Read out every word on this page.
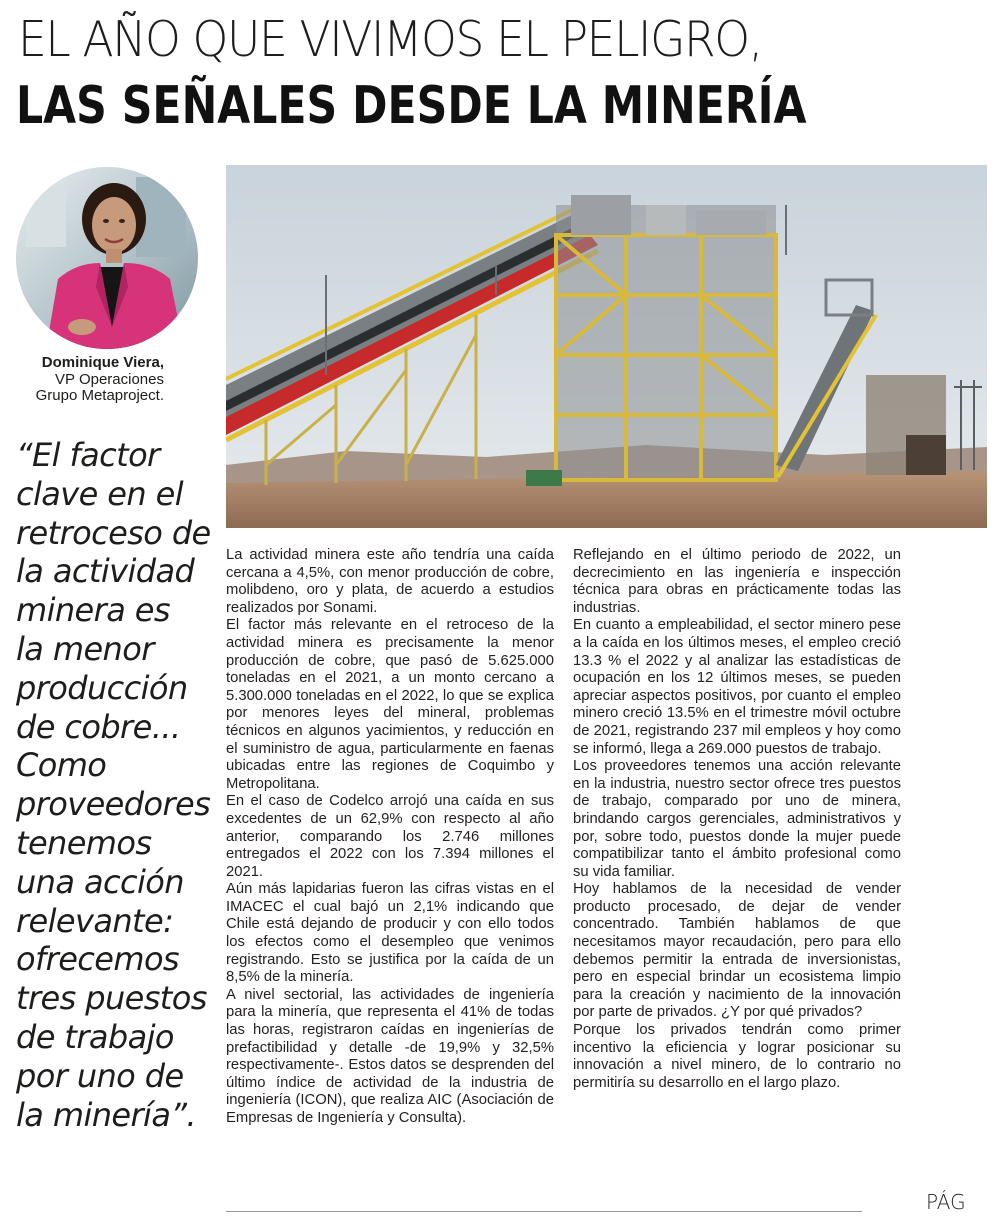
EL AÑO QUE VIVIMOS EL PELIGRO,
LAS SEÑALES DESDE LA MINERÍA
Dominique Viera,
VP Operaciones
Grupo Metaproject.
“El factor
clave en el
retroceso de
la actividad
minera es
la menor
producción
de cobre...
Como
proveedores
tenemos
una acción
relevante:
ofrecemos
tres puestos
de trabajo
por uno de
la minería”.

La actividad minera este año tendría una caída cercana a 4,5%, con menor producción de cobre, molibdeno, oro y plata, de acuerdo a estudios realizados por Sonami.

El factor más relevante en el retroceso de la actividad minera es precisamente la menor producción de cobre, que pasó de 5.625.000 toneladas en el 2021, a un monto cercano a 5.300.000 toneladas en el 2022, lo que se explica por menores leyes del mineral, problemas técnicos en algunos yacimientos, y reducción en el suministro de agua, particularmente en faenas ubicadas entre las regiones de Coquimbo y Metropolitana.

En el caso de Codelco arrojó una caída en sus excedentes de un 62,9% con respecto al año anterior, comparando los 2.746 millones entregados el 2022 con los 7.394 millones el 2021.

Aún más lapidarias fueron las cifras vistas en el IMACEC el cual bajó un 2,1% indicando que Chile está dejando de producir y con ello todos los efectos como el desempleo que venimos registrando. Esto se justifica por la caída de un 8,5% de la minería.

A nivel sectorial, las actividades de ingeniería para la minería, que representa el 41% de todas las horas, registraron caídas en ingenierías de prefactibilidad y detalle -de 19,9% y 32,5% respectivamente-. Estos datos se desprenden del último índice de actividad de la industria de ingeniería (ICON), que realiza AIC (Asociación de Empresas de Ingeniería y Consulta).

Reflejando en el último periodo de 2022, un decrecimiento en las ingeniería e inspección técnica para obras en prácticamente todas las industrias.

En cuanto a empleabilidad, el sector minero pese a la caída en los últimos meses, el empleo creció 13.3 % el 2022 y al analizar las estadísticas de ocupación en los 12 últimos meses, se pueden apreciar aspectos positivos, por cuanto el empleo minero creció 13.5% en el trimestre móvil octubre de 2021, registrando 237 mil empleos y hoy como se informó, llega a 269.000 puestos de trabajo.

Los proveedores tenemos una acción relevante en la industria, nuestro sector ofrece tres puestos de trabajo, comparado por uno de minera, brindando cargos gerenciales, administrativos y por, sobre todo, puestos donde la mujer puede compatibilizar tanto el ámbito profesional como su vida familiar.

Hoy hablamos de la necesidad de vender producto procesado, de dejar de vender concentrado. También hablamos de que necesitamos mayor recaudación, pero para ello debemos permitir la entrada de inversionistas, pero en especial brindar un ecosistema limpio para la creación y nacimiento de la innovación por parte de privados. ¿Y por qué privados?

Porque los privados tendrán como primer incentivo la eficiencia y lograr posicionar su innovación a nivel minero, de lo contrario no permitiría su desarrollo en el largo plazo.

PÁG
